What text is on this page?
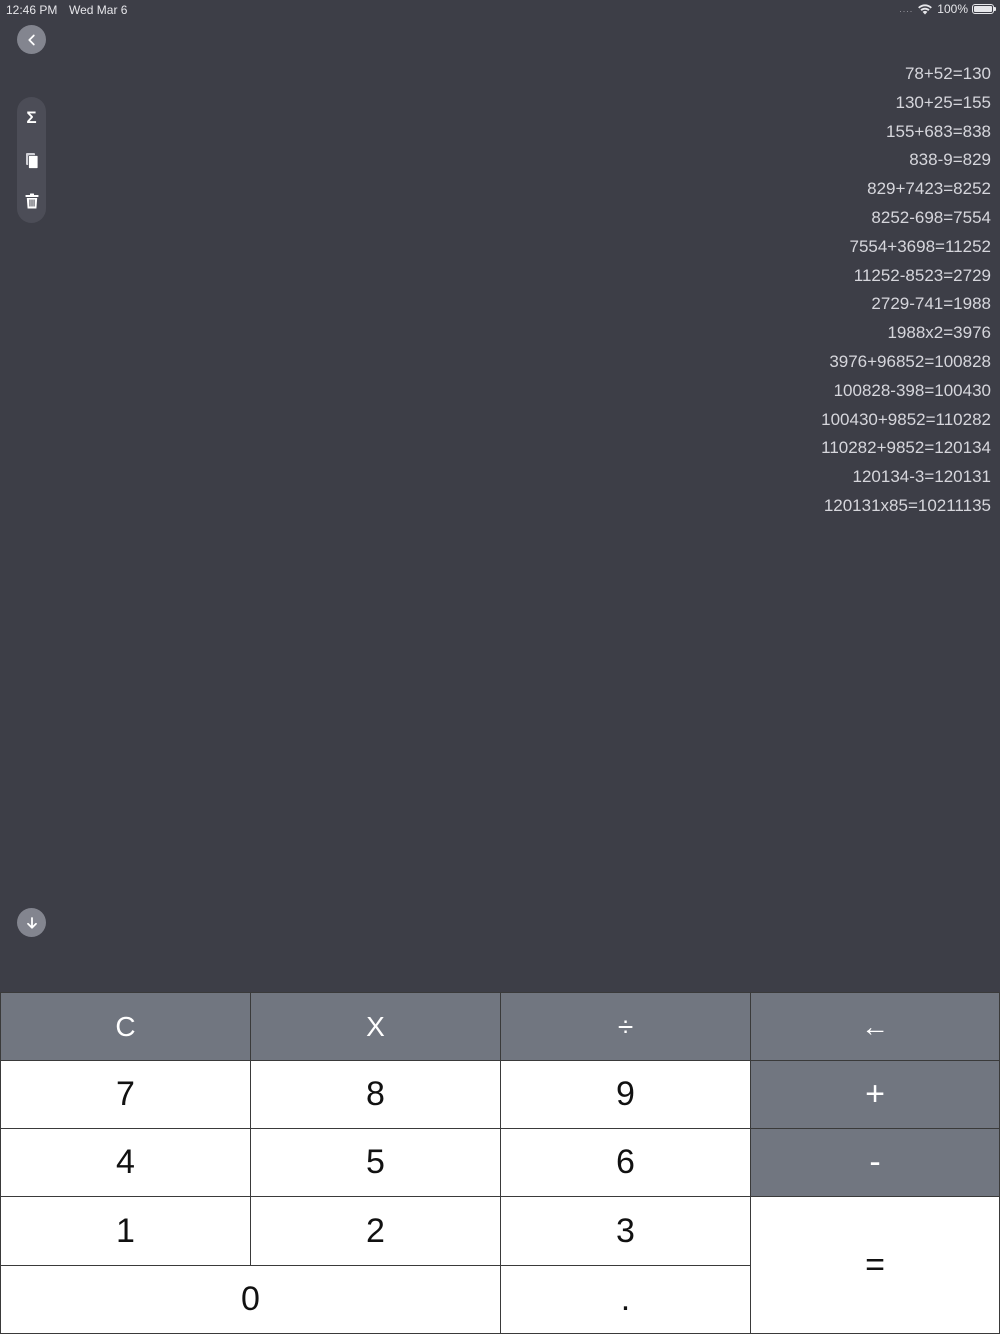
12:46 PM Wed Mar 6	.... 100%
Σ
78+52=130
130+25=155
155+683=838
838-9=829
829+7423=8252
8252-698=7554
7554+3698=11252
11252-8523=2729
2729-741=1988
1988x2=3976
3976+96852=100828
100828-398=100430
100430+9852=110282
110282+9852=120134
120134-3=120131
120131x85=10211135
C	X	÷	←
7	8	9	+
4	5	6	-
1	2	3
=
0	.
